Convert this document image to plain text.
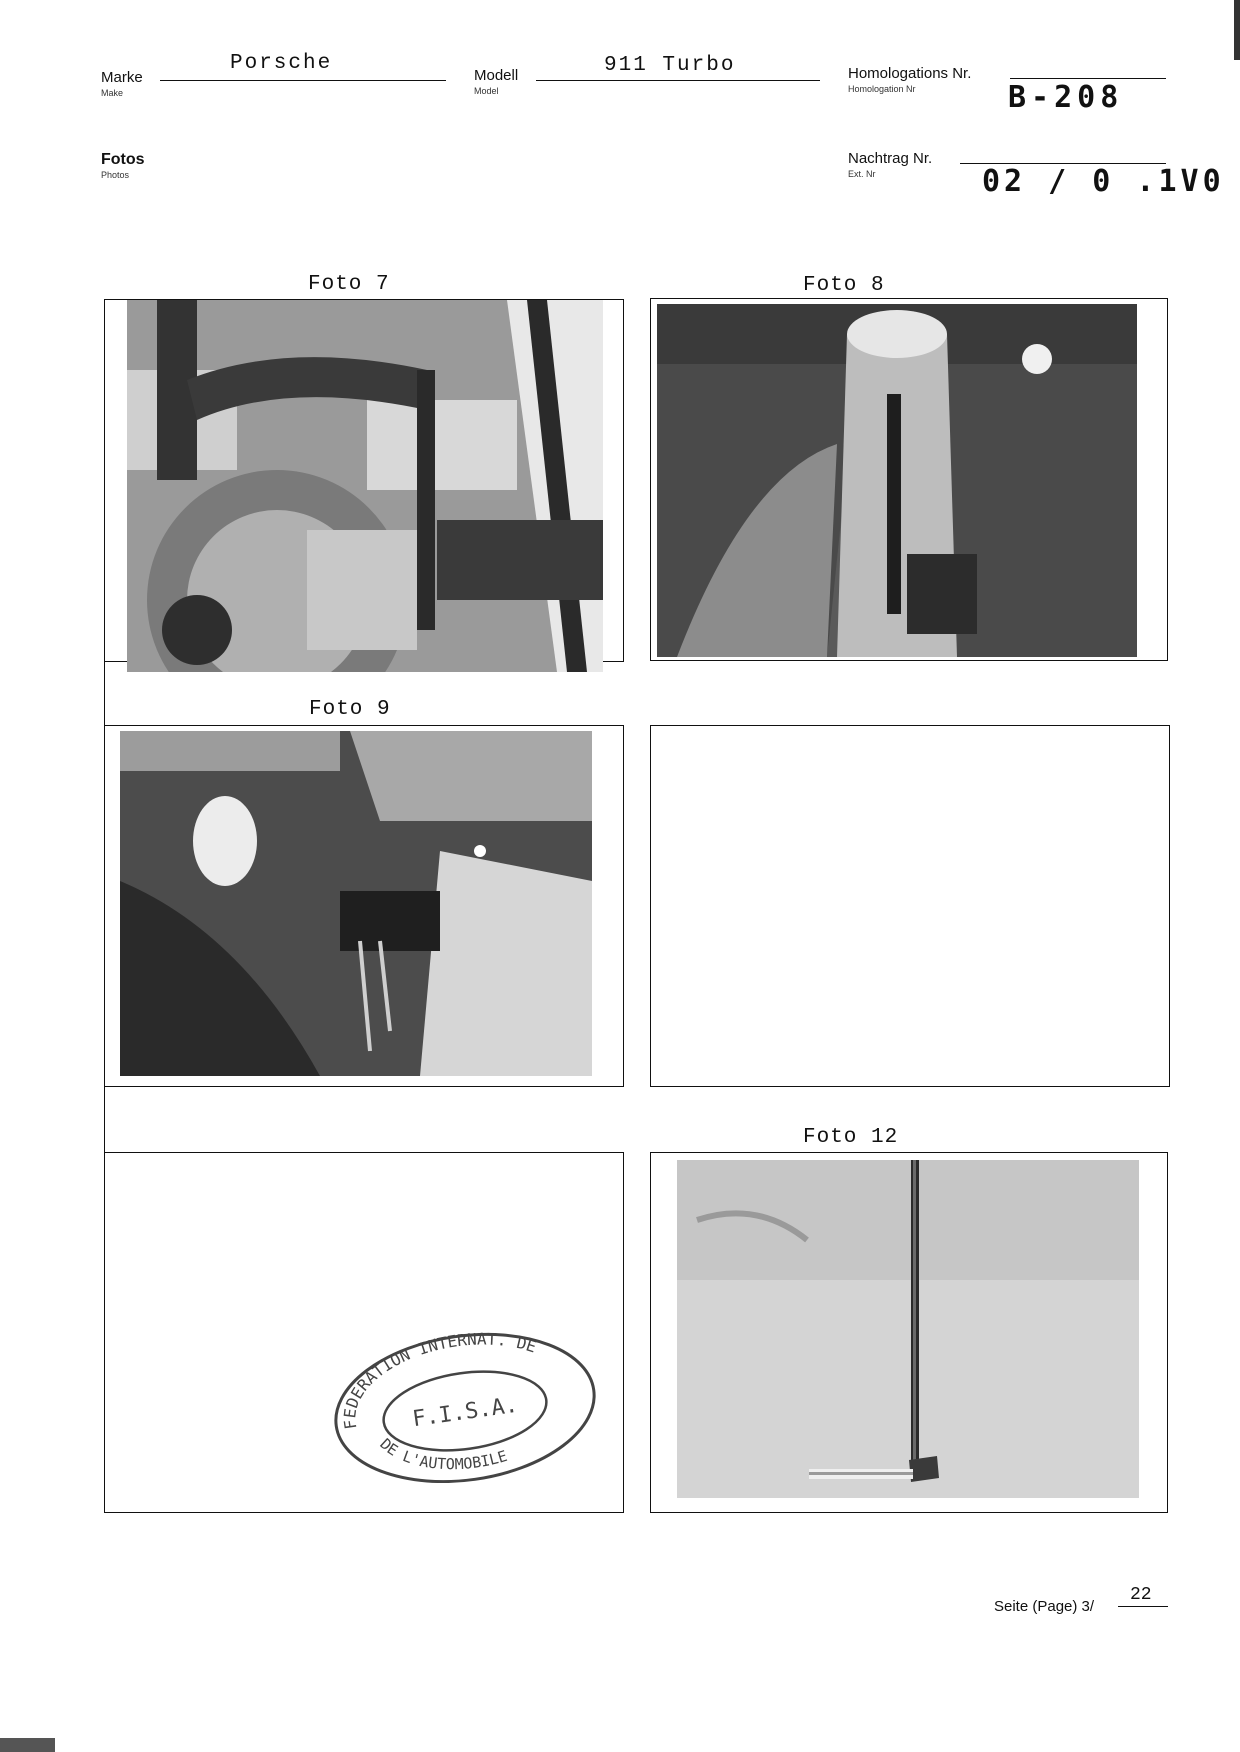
Marke
Make
Porsche
Modell
Model
911 Turbo	Homologations Nr.
Homologation Nr	B-208
Fotos
Photos
Nachtrag Nr.
Ext. Nr	02 / 0 .1V0
Foto 7	Foto 8
Foto 9
FEDERATION INTERNAT. DE
F.I.S.A.
DE L'AUTOMOBILE
Foto 12
Seite (Page) 3/
22
